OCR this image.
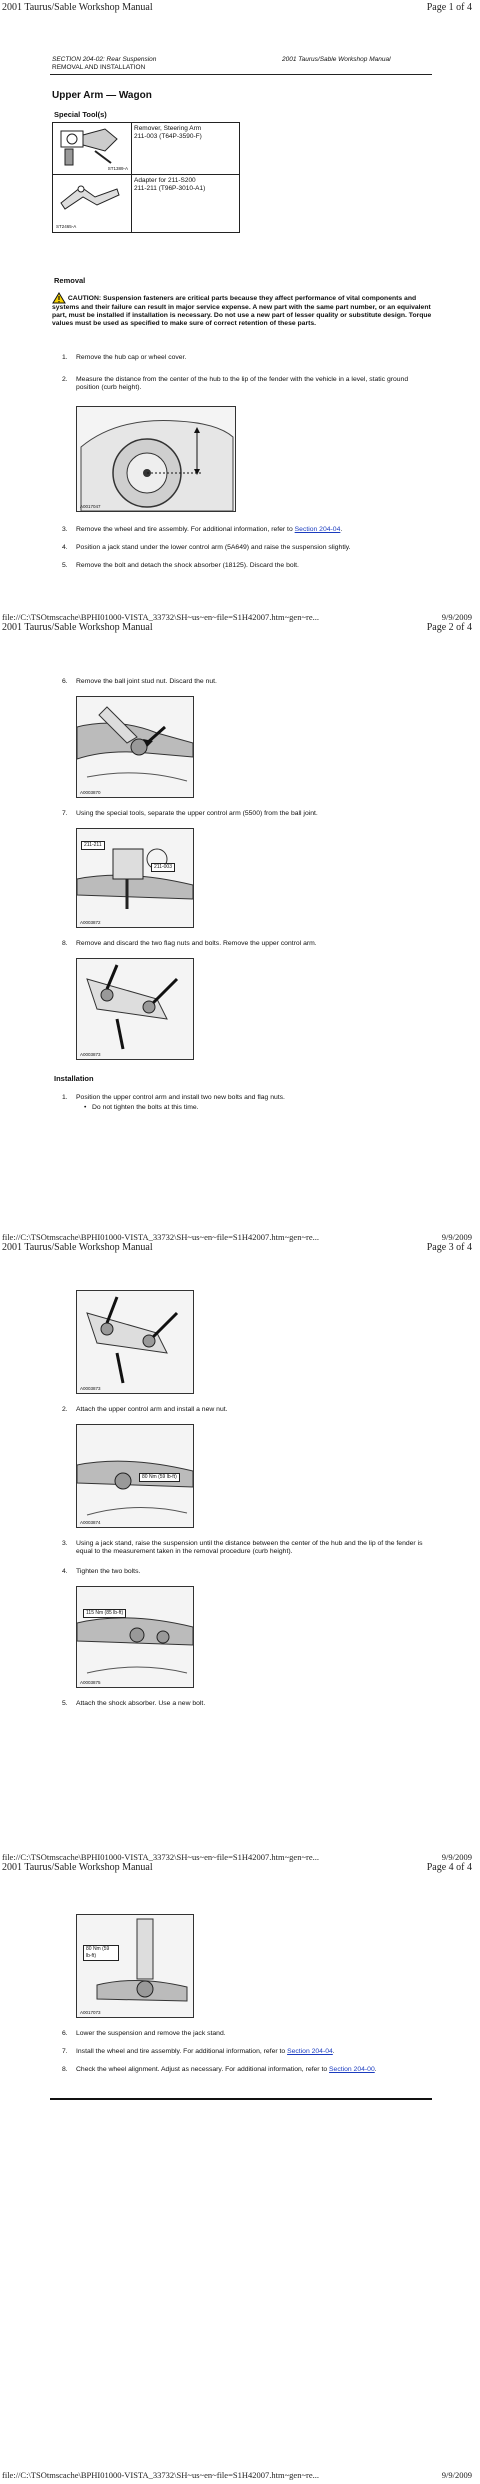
2001 Taurus/Sable Workshop Manual	Page 1 of 4
SECTION 204-02: Rear Suspension	2001 Taurus/Sable Workshop Manual
REMOVAL AND INSTALLATION
Upper Arm — Wagon
Special Tool(s)
ST1389-A	Remover, Steering Arm
211-003 (T64P-3590-F)

ST2465-A	Adapter for 211-S200
211-211 (T96P-3010-A1)
Removal
CAUTION: Suspension fasteners are critical parts because they affect performance of vital components and systems and their failure can result in major service expense. A new part with the same part number, or an equivalent part, must be installed if installation is necessary. Do not use a new part of lesser quality or substitute design. Torque values must be used as specified to make sure of correct retention of these parts.
1. Remove the hub cap or wheel cover.
2. Measure the distance from the center of the hub to the lip of the fender with the vehicle in a level, static ground position (curb height).
A0017047
3. Remove the wheel and tire assembly. For additional information, refer to Section 204-04.
4. Position a jack stand under the lower control arm (5A649) and raise the suspension slightly.
5. Remove the bolt and detach the shock absorber (18125). Discard the bolt.
file://C:\TSOtmscache\BPHI01000-VISTA_33732\SH~us~en~file=S1H42007.htm~gen~re...	9/9/2009
2001 Taurus/Sable Workshop Manual	Page 2 of 4
6. Remove the ball joint stud nut. Discard the nut.
A0003870
7. Using the special tools, separate the upper control arm (5500) from the ball joint.
211-211
211-003
A0003872
8. Remove and discard the two flag nuts and bolts. Remove the upper control arm.
A0003873
Installation
1. Position the upper control arm and install two new bolts and flag nuts.
• Do not tighten the bolts at this time.
file://C:\TSOtmscache\BPHI01000-VISTA_33732\SH~us~en~file=S1H42007.htm~gen~re...	9/9/2009
2001 Taurus/Sable Workshop Manual	Page 3 of 4
A0003873
2. Attach the upper control arm and install a new nut.
80 Nm (59 lb-ft)
A0003874
3. Using a jack stand, raise the suspension until the distance between the center of the hub and the lip of the fender is equal to the measurement taken in the removal procedure (curb height).
4. Tighten the two bolts.
115 Nm (85 lb-ft)
A0003875
5. Attach the shock absorber. Use a new bolt.
file://C:\TSOtmscache\BPHI01000-VISTA_33732\SH~us~en~file=S1H42007.htm~gen~re...	9/9/2009
2001 Taurus/Sable Workshop Manual	Page 4 of 4
80 Nm (59 lb-ft)
A0017073
6. Lower the suspension and remove the jack stand.
7. Install the wheel and tire assembly. For additional information, refer to Section 204-04.
8. Check the wheel alignment. Adjust as necessary. For additional information, refer to Section 204-00.
file://C:\TSOtmscache\BPHI01000-VISTA_33732\SH~us~en~file=S1H42007.htm~gen~re...	9/9/2009
